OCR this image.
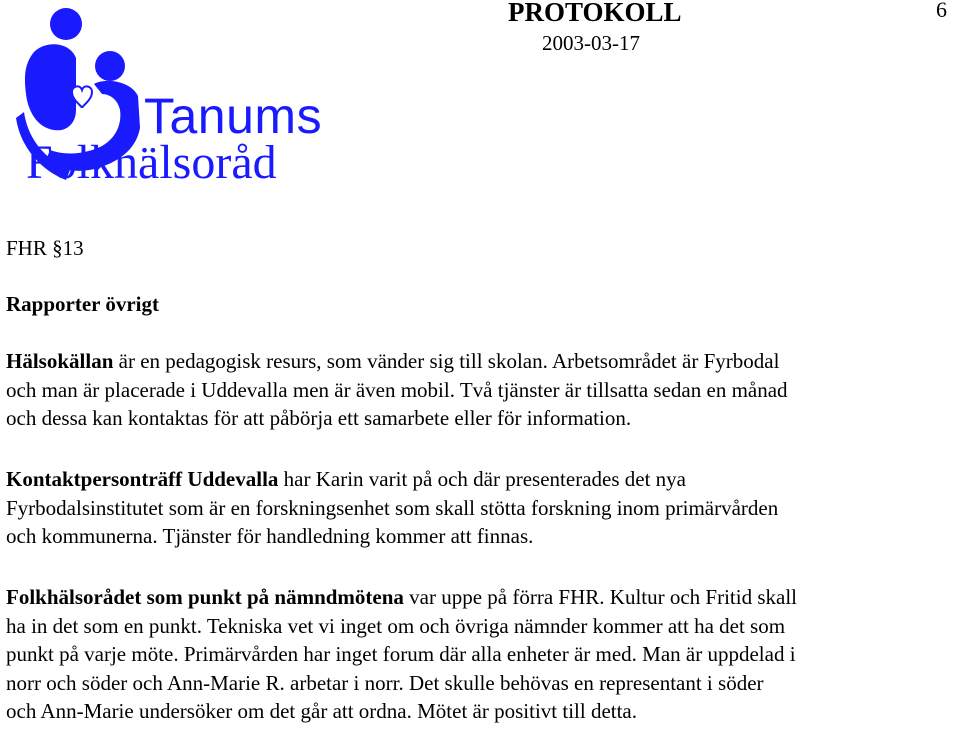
Tanums
Folkhälsoråd
PROTOKOLL
2003-03-17
6
FHR §13
Rapporter övrigt

Hälsokällan är en pedagogisk resurs, som vänder sig till skolan. Arbetsområdet är Fyrbodal
och man är placerade i Uddevalla men är även mobil. Två tjänster är tillsatta sedan en månad
och dessa kan kontaktas för att påbörja ett samarbete eller för information.

Kontaktpersonträff Uddevalla har Karin varit på och där presenterades det nya
Fyrbodalsinstitutet som är en forskningsenhet som skall stötta forskning inom primärvården
och kommunerna. Tjänster för handledning kommer att finnas.

Folkhälsorådet som punkt på nämndmötena var uppe på förra FHR. Kultur och Fritid skall
ha in det som en punkt. Tekniska vet vi inget om och övriga nämnder kommer att ha det som
punkt på varje möte. Primärvården har inget forum där alla enheter är med. Man är uppdelad i
norr och söder och Ann-Marie R. arbetar i norr. Det skulle behövas en representant i söder
och Ann-Marie undersöker om det går att ordna. Mötet är positivt till detta.
